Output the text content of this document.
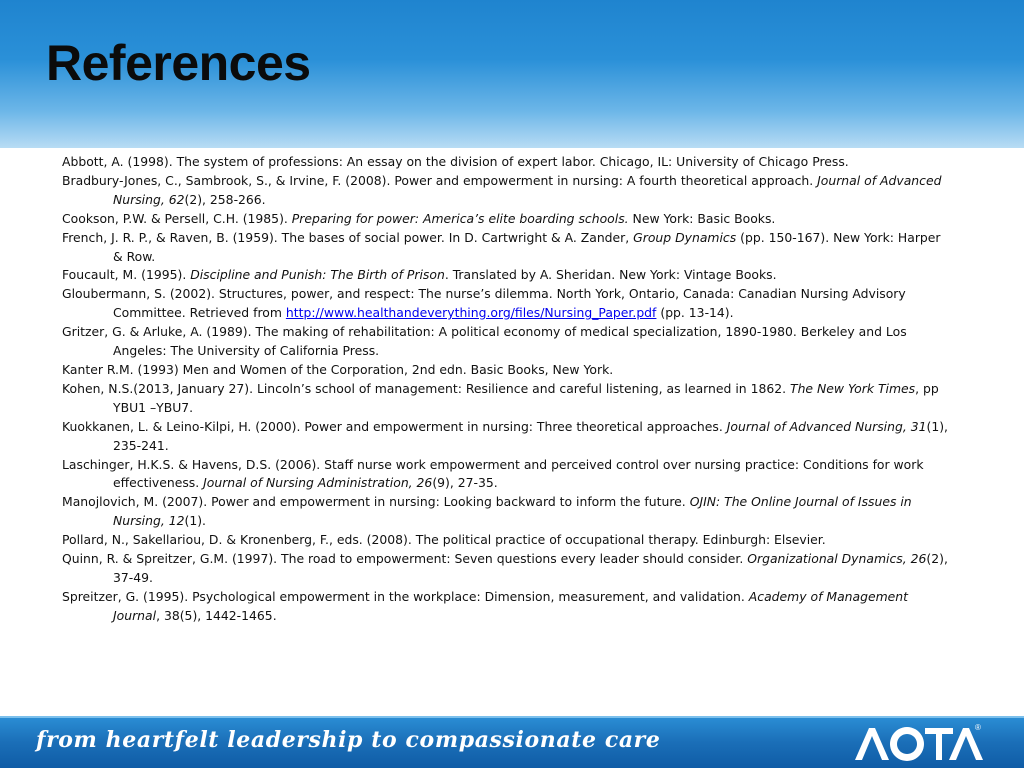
References

Abbott, A. (1998). The system of professions: An essay on the division of expert labor. Chicago, IL: University of Chicago Press.

Bradbury-Jones, C., Sambrook, S., & Irvine, F. (2008). Power and empowerment in nursing: A fourth theoretical approach. Journal of Advanced Nursing, 62(2), 258-266.

Cookson, P.W. & Persell, C.H. (1985). Preparing for power: America’s elite boarding schools. New York: Basic Books.

French, J. R. P., & Raven, B. (1959). The bases of social power. In D. Cartwright & A. Zander, Group Dynamics (pp. 150-167). New York: Harper & Row.

Foucault, M. (1995). Discipline and Punish: The Birth of Prison. Translated by A. Sheridan. New York: Vintage Books.

Gloubermann, S. (2002). Structures, power, and respect: The nurse’s dilemma. North York, Ontario, Canada: Canadian Nursing Advisory Committee. Retrieved from http://www.healthandeverything.org/files/Nursing_Paper.pdf (pp. 13-14).

Gritzer, G. & Arluke, A. (1989). The making of rehabilitation: A political economy of medical specialization, 1890-1980. Berkeley and Los Angeles: The University of California Press.

Kanter R.M. (1993) Men and Women of the Corporation, 2nd edn. Basic Books, New York.

Kohen, N.S.(2013, January 27). Lincoln’s school of management: Resilience and careful listening, as learned in 1862. The New York Times, pp YBU1 –YBU7.

Kuokkanen, L. & Leino-Kilpi, H. (2000). Power and empowerment in nursing: Three theoretical approaches. Journal of Advanced Nursing, 31(1), 235-241.

Laschinger, H.K.S. & Havens, D.S. (2006). Staff nurse work empowerment and perceived control over nursing practice: Conditions for work effectiveness. Journal of Nursing Administration, 26(9), 27-35.

Manojlovich, M. (2007). Power and empowerment in nursing: Looking backward to inform the future. OJIN: The Online Journal of Issues in Nursing, 12(1).

Pollard, N., Sakellariou, D. & Kronenberg, F., eds. (2008). The political practice of occupational therapy. Edinburgh: Elsevier.

Quinn, R. & Spreitzer, G.M. (1997). The road to empowerment: Seven questions every leader should consider. Organizational Dynamics, 26(2), 37-49.

Spreitzer, G. (1995). Psychological empowerment in the workplace: Dimension, measurement, and validation. Academy of Management Journal, 38(5), 1442-1465.

from heartfelt leadership to compassionate care	®
